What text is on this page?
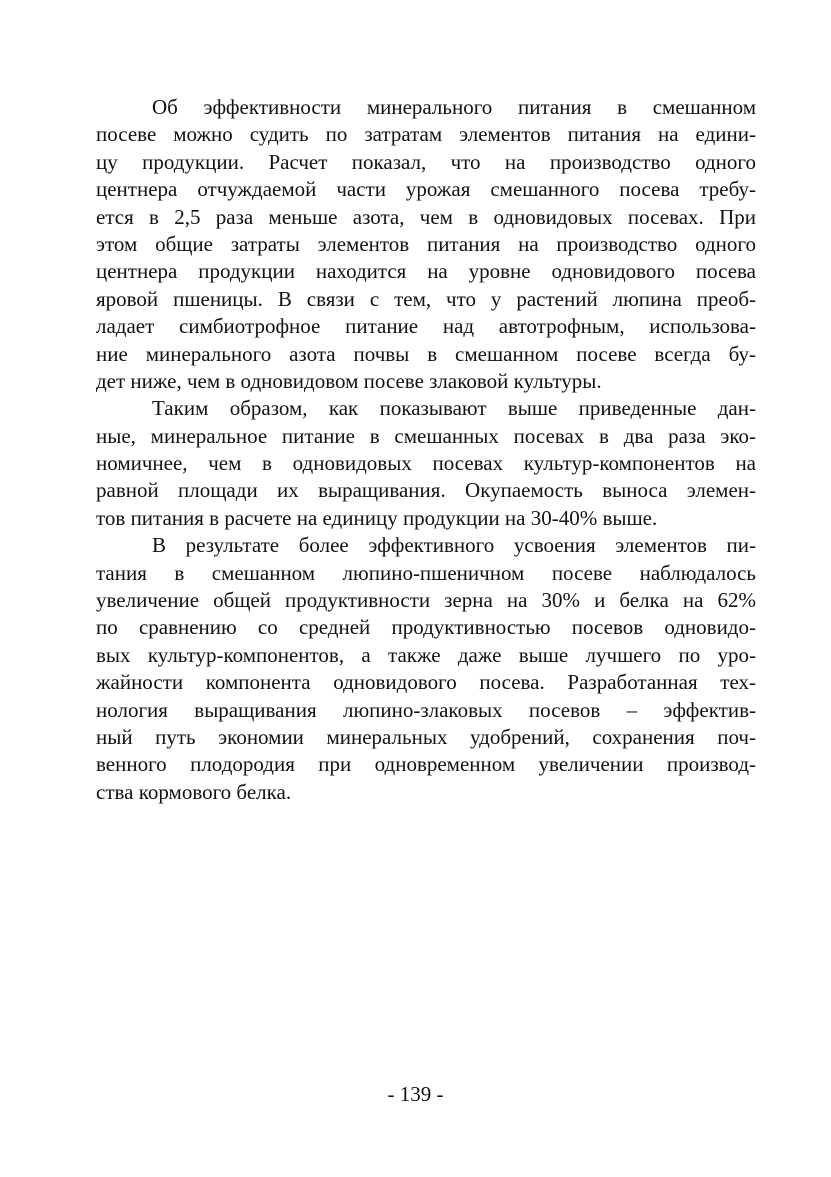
Об эффективности минерального питания в смешанном
посеве можно судить по затратам элементов питания на едини-
цу продукции. Расчет показал, что на производство одного
центнера отчуждаемой части урожая смешанного посева требу-
ется в 2,5 раза меньше азота, чем в одновидовых посевах. При
этом общие затраты элементов питания на производство одного
центнера продукции находится на уровне одновидового посева
яровой пшеницы. В связи с тем, что у растений люпина преоб-
ладает симбиотрофное питание над автотрофным, использова-
ние минерального азота почвы в смешанном посеве всегда бу-
дет ниже, чем в одновидовом посеве злаковой культуры.
Таким образом, как показывают выше приведенные дан-
ные, минеральное питание в смешанных посевах в два раза эко-
номичнее, чем в одновидовых посевах культур-компонентов на
равной площади их выращивания. Окупаемость выноса элемен-
тов питания в расчете на единицу продукции на 30-40% выше.
В результате более эффективного усвоения элементов пи-
тания в смешанном люпино-пшеничном посеве наблюдалось
увеличение общей продуктивности зерна на 30% и белка на 62%
по сравнению со средней продуктивностью посевов одновидо-
вых культур-компонентов, а также даже выше лучшего по уро-
жайности компонента одновидового посева. Разработанная тех-
нология выращивания люпино-злаковых посевов – эффектив-
ный путь экономии минеральных удобрений, сохранения поч-
венного плодородия при одновременном увеличении производ-
ства кормового белка.
- 139 -
